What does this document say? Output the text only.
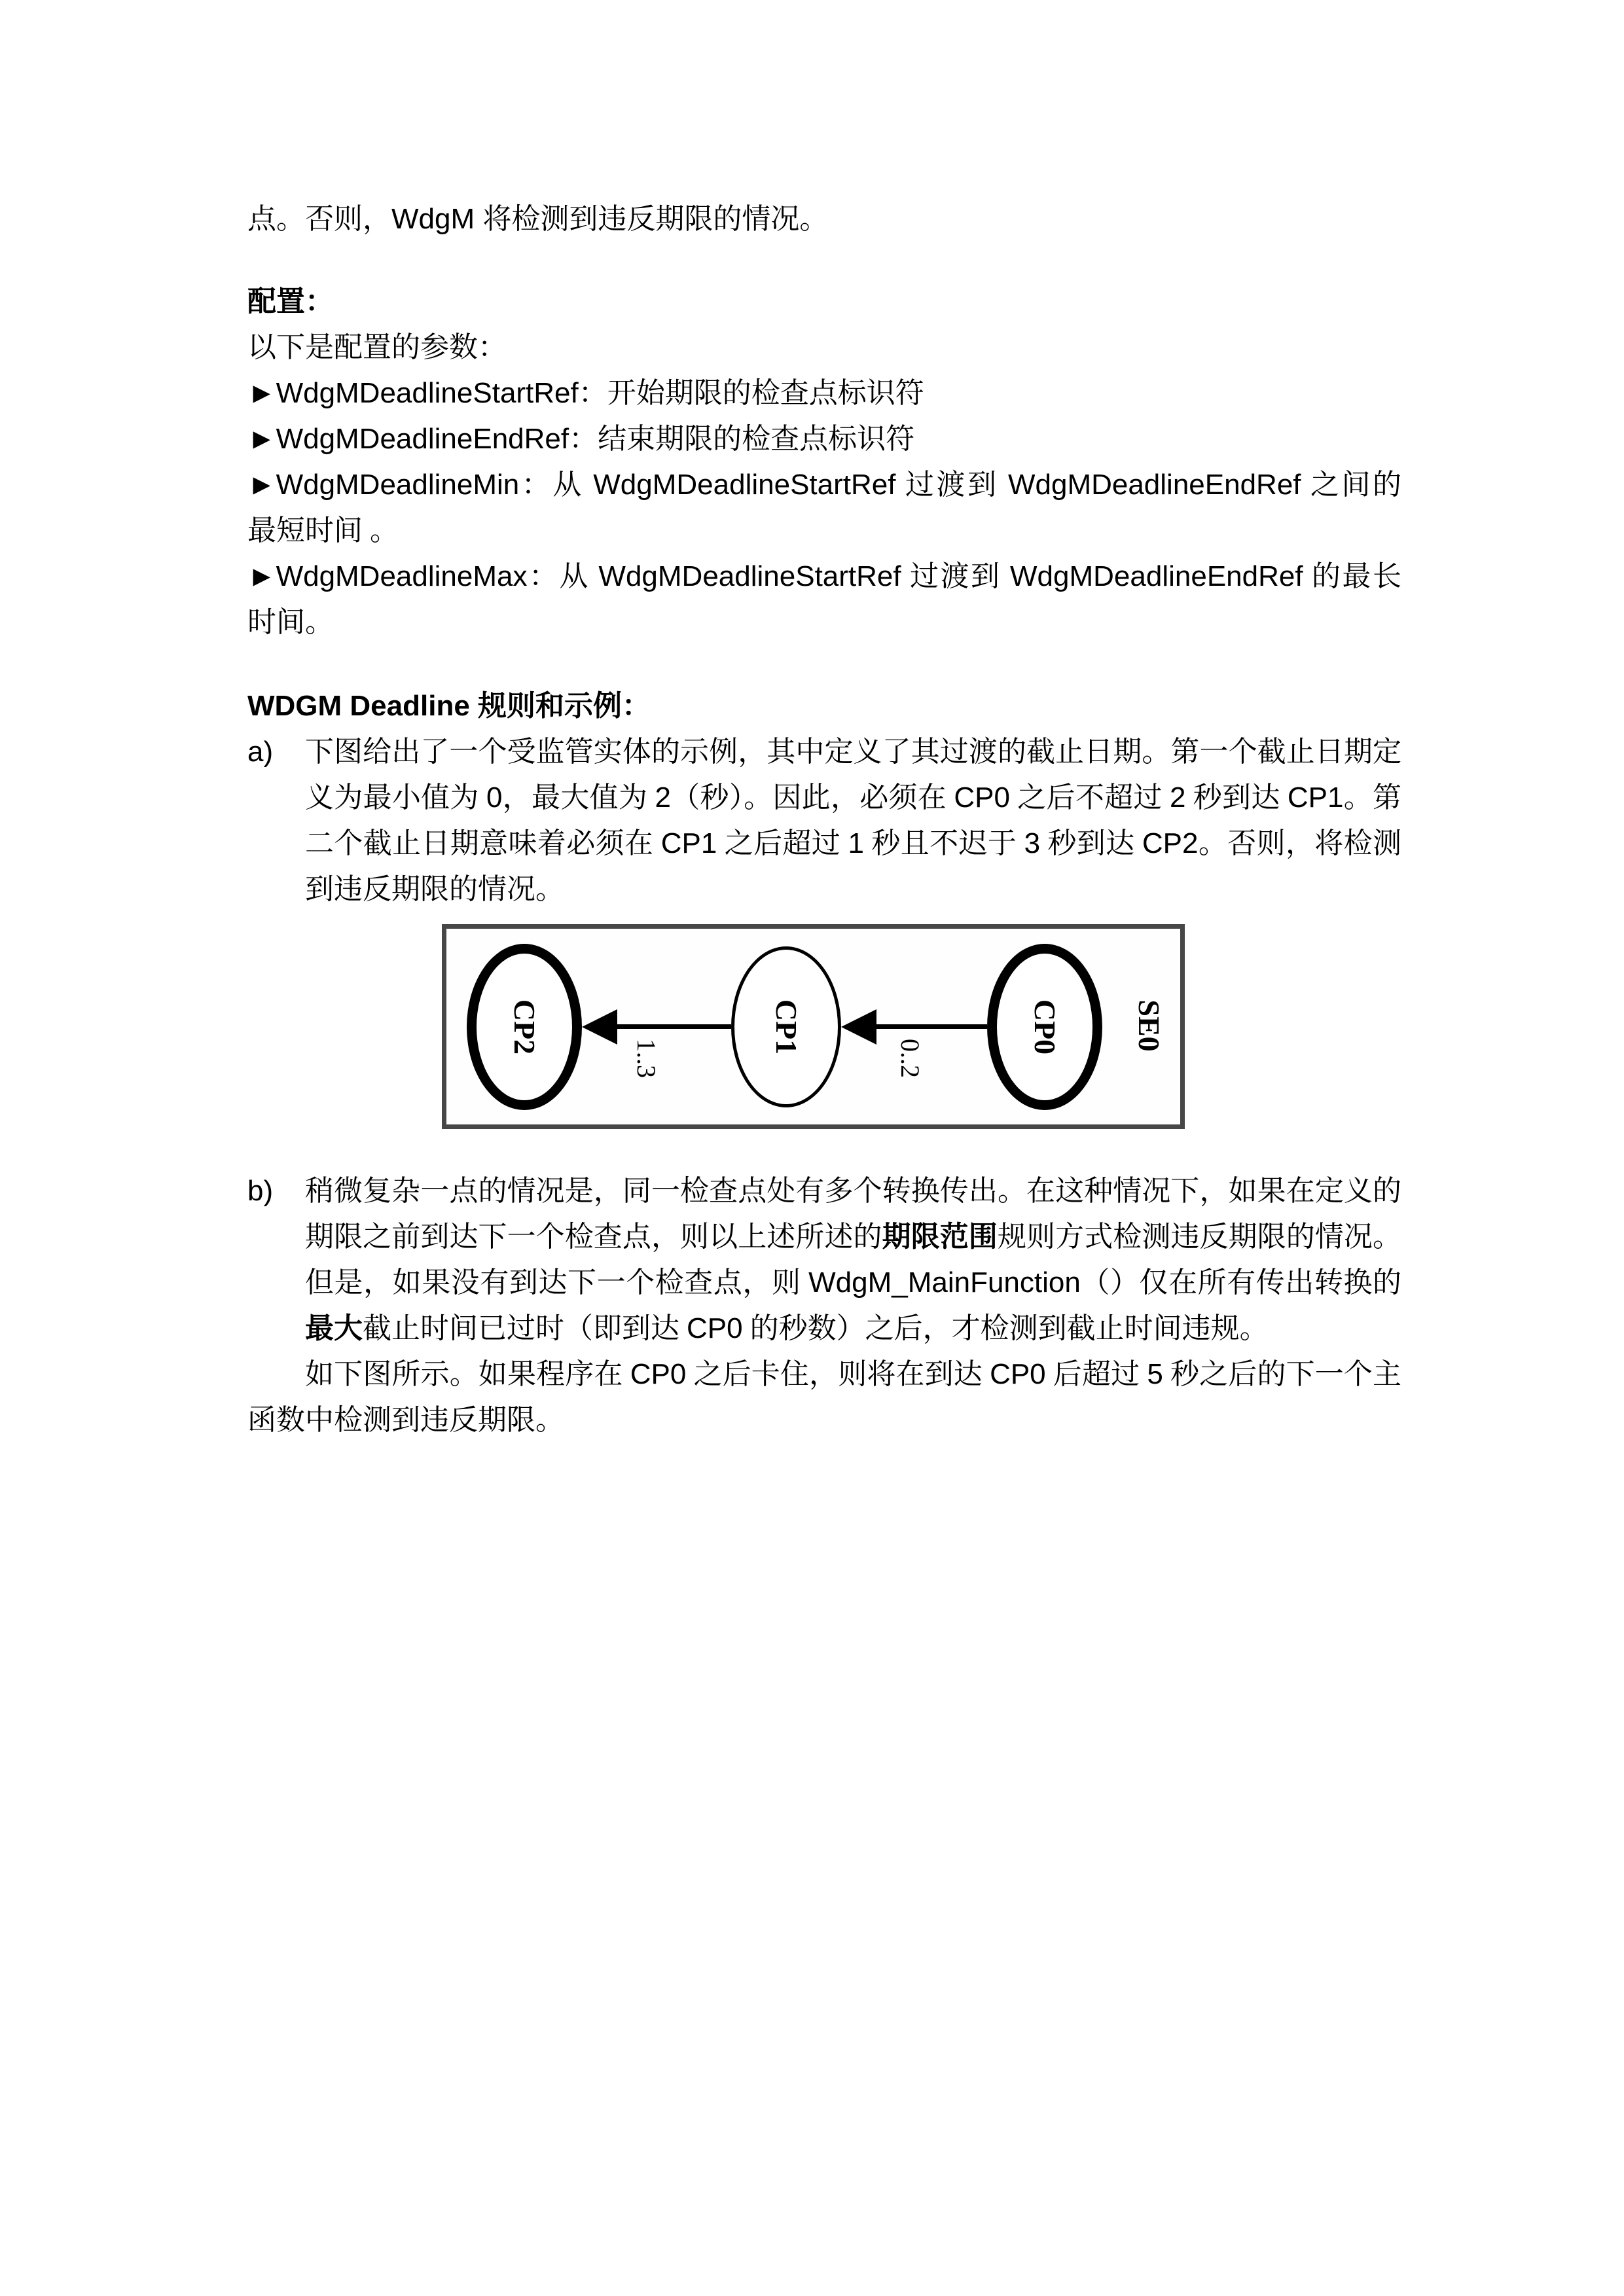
点。否则，WdgM 将检测到违反期限的情况。

配置：

以下是配置的参数：

►WdgMDeadlineStartRef：开始期限的检查点标识符

►WdgMDeadlineEndRef：结束期限的检查点标识符

►WdgMDeadlineMin：从 WdgMDeadlineStartRef 过渡到 WdgMDeadlineEndRef 之间的最短时间 。

►WdgMDeadlineMax：从 WdgMDeadlineStartRef 过渡到 WdgMDeadlineEndRef 的最长时间。

WDGM Deadline 规则和示例：

a)	下图给出了一个受监管实体的示例，其中定义了其过渡的截止日期。第一个截止日期定义为最小值为 0，最大值为 2（秒）。因此，必须在 CP0 之后不超过 2 秒到达 CP1。第二个截止日期意味着必须在 CP1 之后超过 1 秒且不迟于 3 秒到达 CP2。否则，将检测到违反期限的情况。
CP2	CP1	CP0 SE0
1..3	0..2
b)	稍微复杂一点的情况是，同一检查点处有多个转换传出。在这种情况下，如果在定义的期限之前到达下一个检查点，则以上述所述的期限范围规则方式检测违反期限的情况。但是，如果没有到达下一个检查点，则 WdgM_MainFunction（）仅在所有传出转换的最大截止时间已过时（即到达 CP0 的秒数）之后，才检测到截止时间违规。

如下图所示。如果程序在 CP0 之后卡住，则将在到达 CP0 后超过 5 秒之后的下一个主函数中检测到违反期限。
